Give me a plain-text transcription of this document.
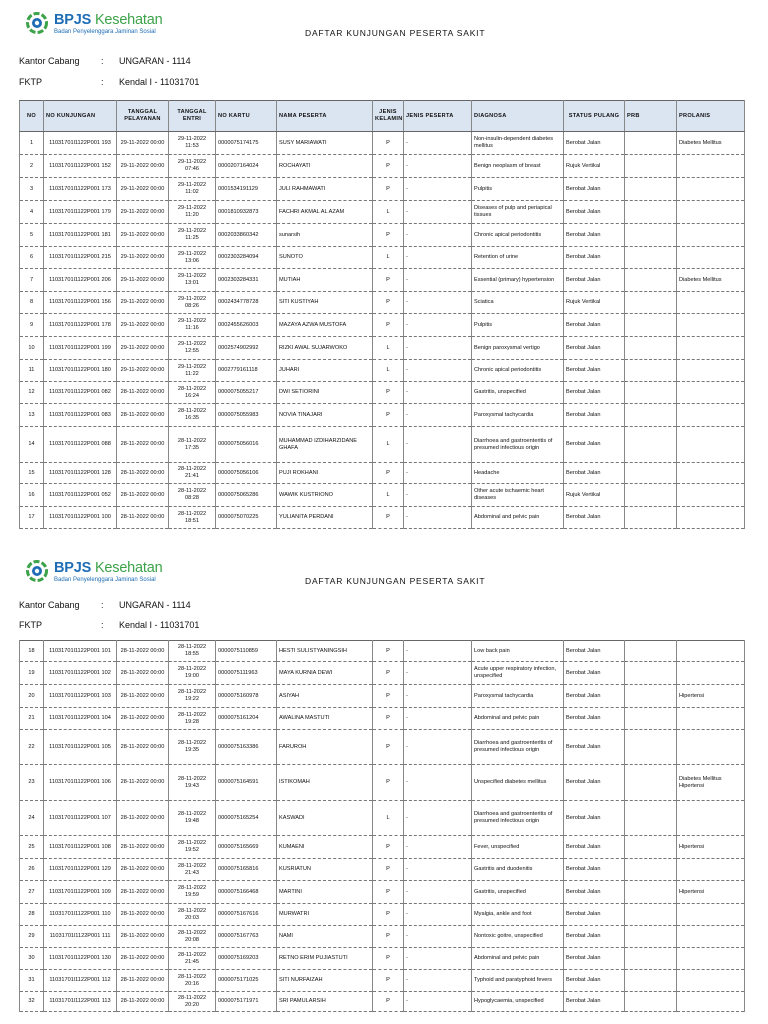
BPJS Kesehatan
Badan Penyelenggara Jaminan Sosial	DAFTAR KUNJUNGAN PESERTA SAKIT
Kantor Cabang : UNGARAN - 1114
FKTP	: Kendal I - 11031701
NO	NO KUNJUNGAN	TANGGAL PELAYANAN	TANGGAL ENTRI	NO KARTU	NAMA PESERTA	JENIS KELAMIN	JENIS PESERTA	DIAGNOSA	STATUS PULANG	PRB	PROLANIS
1	11031701l1122P001 193	29-11-2022 00:00	29-11-2022 11:53	0000075174175	SUSY MARIAWATI	P	-	Non-insulin-dependent diabetes mellitus	Berobat Jalan		Diabetes Mellitus
2	11031701l1122P001 152	29-11-2022 00:00	29-11-2022 07:46	0000207164024	ROCHAYATI	P	-	Benign neoplasm of breast	Rujuk Vertikal		
3	11031701l1122P001 173	29-11-2022 00:00	29-11-2022 11:02	0001534191129	JULI RAHMAWATI	P	-	Pulpitis	Berobat Jalan		
4	11031701l1122P001 179	29-11-2022 00:00	29-11-2022 11:20	0001810932873	FACHRI AKMAL AL AZAM	L	-	Diseases of pulp and periapical tissues	Berobat Jalan		
5	11031701l1122P001 181	29-11-2022 00:00	29-11-2022 11:25	0002033860342	sunarsih	P	-	Chronic apical periodontitis	Berobat Jalan		
6	11031701l1122P001 215	29-11-2022 00:00	29-11-2022 13:06	0002303284094	SUNOTO	L	-	Retention of urine	Berobat Jalan		
7	11031701l1122P001 206	29-11-2022 00:00	29-11-2022 13:01	0002303284331	MUTIAH	P	-	Essential (primary) hypertension	Berobat Jalan		Diabetes Mellitus
8	11031701l1122P001 156	29-11-2022 00:00	29-11-2022 08:26	0002434778728	SITI KUSTIYAH	P	-	Sciatica	Rujuk Vertikal		
9	11031701l1122P001 178	29-11-2022 00:00	29-11-2022 11:16	0002455626003	MAZAYA AZWA MUSTOFA	P	-	Pulpitis	Berobat Jalan		
10	11031701l1122P001 199	29-11-2022 00:00	29-11-2022 12:55	0002574902992	RIZKI AWAL SUJARWOKO	L	-	Benign paroxysmal vertigo	Berobat Jalan		
11	11031701l1122P001 180	29-11-2022 00:00	29-11-2022 11:22	0002779161118	JUHARI	L	-	Chronic apical periodontitis	Berobat Jalan		
12	11031701l1122P001 082	28-11-2022 00:00	28-11-2022 16:24	0000075055217	DWI SETIORINI	P	-	Gastritis, unspecified	Berobat Jalan		
13	11031701l1122P001 083	28-11-2022 00:00	28-11-2022 16:35	0000075055983	NOVIA TINAJARI	P	-	Paroxysmal tachycardia	Berobat Jalan		
14	11031701l1122P001 088	28-11-2022 00:00	28-11-2022 17:35	0000075056016	MUHAMMAD IZDIHARZIDANE GHAFA	L	-	Diarrhoea and gastroenteritis of presumed infectious origin	Berobat Jalan		
15	11031701l1122P001 128	28-11-2022 00:00	28-11-2022 21:41	0000075056106	PUJI ROKHANI	P	-	Headache	Berobat Jalan		
16	11031701l1122P001 052	28-11-2022 00:00	28-11-2022 08:28	0000075065286	WAWIK KUSTRIONO	L	-	Other acute ischaemic heart diseases	Rujuk Vertikal		
17	11031701l1122P001 100	28-11-2022 00:00	28-11-2022 18:51	0000075070225	YULIANITA PERDANI	P	-	Abdominal and pelvic pain	Berobat Jalan		
BPJS Kesehatan
Badan Penyelenggara Jaminan Sosial	DAFTAR KUNJUNGAN PESERTA SAKIT
Kantor Cabang : UNGARAN - 1114
FKTP	: Kendal I - 11031701
18	11031701l1122P001 101	28-11-2022 00:00	28-11-2022 18:55	0000075110859	HESTI SULISTYANINGSIH	P	-	Low back pain	Berobat Jalan		
19	11031701l1122P001 102	28-11-2022 00:00	28-11-2022 19:00	0000075111963	MAYA KURNIA DEWI	P	-	Acute upper respiratory infection, unspecified	Berobat Jalan		
20	11031701l1122P001 103	28-11-2022 00:00	28-11-2022 19:22	0000075160978	ASIYAH	P	-	Paroxysmal tachycardia	Berobat Jalan		Hipertensi
21	11031701l1122P001 104	28-11-2022 00:00	28-11-2022 19:28	0000075161204	AWALINA MASTUTI	P	-	Abdominal and pelvic pain	Berobat Jalan		
22	11031701l1122P001 105	28-11-2022 00:00	28-11-2022 19:35	0000075163386	FARUROH	P	-	Diarrhoea and gastroenteritis of presumed infectious origin	Berobat Jalan		
23	11031701l1122P001 106	28-11-2022 00:00	28-11-2022 19:43	0000075164591	ISTIKOMAH	P	-	Unspecified diabetes mellitus	Berobat Jalan		Diabetes Mellitus Hipertensi
24	11031701l1122P001 107	28-11-2022 00:00	28-11-2022 19:48	0000075165254	KASWADI	L	-	Diarrhoea and gastroenteritis of presumed infectious origin	Berobat Jalan		
25	11031701l1122P001 108	28-11-2022 00:00	28-11-2022 19:52	0000075165669	KUMAENI	P	-	Fever, unspecified	Berobat Jalan		Hipertensi
26	11031701l1122P001 129	28-11-2022 00:00	28-11-2022 21:43	0000075165816	KUSRIATUN	P	-	Gastritis and duodenitis	Berobat Jalan		
27	11031701l1122P001 109	28-11-2022 00:00	28-11-2022 19:59	0000075166468	MARTINI	P	-	Gastritis, unspecified	Berobat Jalan		Hipertensi
28	11031701l1122P001 110	28-11-2022 00:00	28-11-2022 20:03	0000075167616	MURWATRI	P	-	Myalgia, ankle and foot	Berobat Jalan		
29	11031701l1122P001 111	28-11-2022 00:00	28-11-2022 20:08	0000075167763	NAMI	P	-	Nontoxic goitre, unspecified	Berobat Jalan		
30	11031701l1122P001 130	28-11-2022 00:00	28-11-2022 21:45	0000075169203	RETNO ERIM PUJIASTUTI	P	-	Abdominal and pelvic pain	Berobat Jalan		
31	11031701l1122P001 112	28-11-2022 00:00	28-11-2022 20:16	0000075171025	SITI NURFAIZAH	P	-	Typhoid and paratyphoid fevers	Berobat Jalan		
32	11031701l1122P001 113	28-11-2022 00:00	28-11-2022 20:20	0000075171971	SRI PAMULARSIH	P	-	Hypoglycaemia, unspecified	Berobat Jalan		
